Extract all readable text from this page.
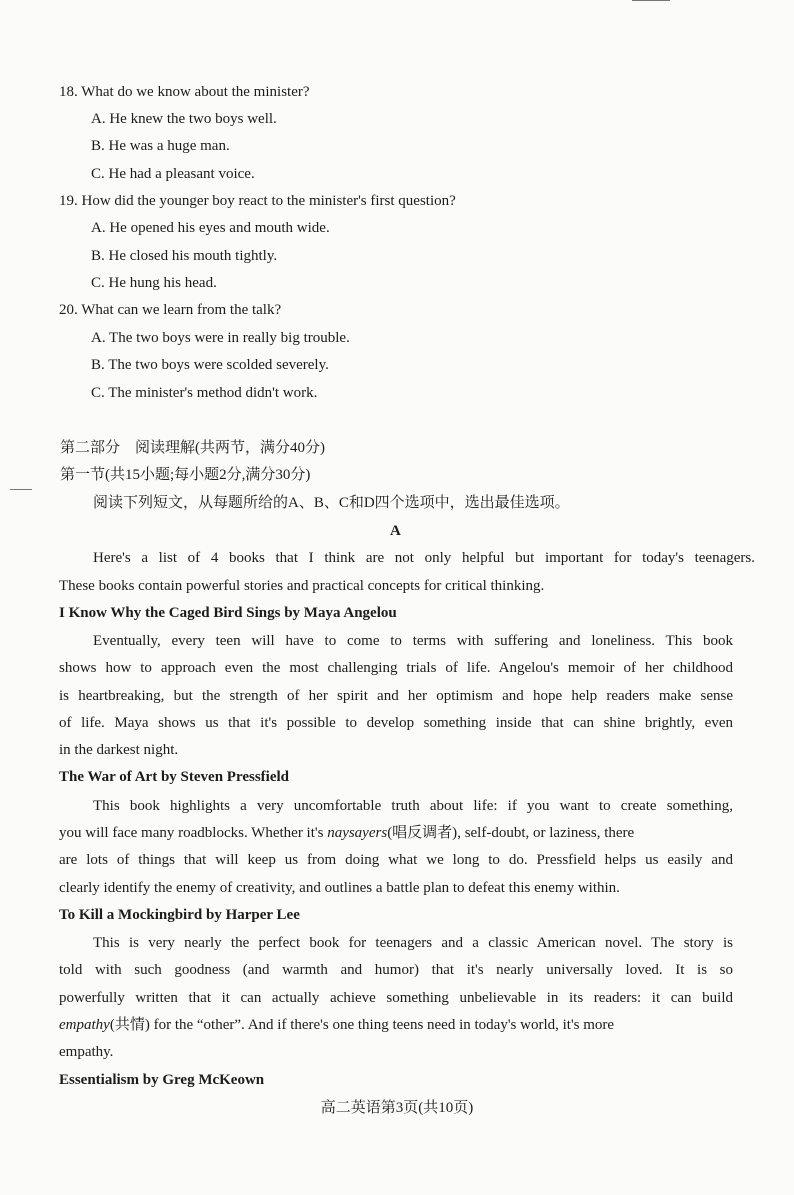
18. What do we know about the minister?
A. He knew the two boys well.
B. He was a huge man.
C. He had a pleasant voice.
19. How did the younger boy react to the minister's first question?
A. He opened his eyes and mouth wide.
B. He closed his mouth tightly.
C. He hung his head.
20. What can we learn from the talk?
A. The two boys were in really big trouble.
B. The two boys were scolded severely.
C. The minister's method didn't work.
第二部分　阅读理解(共两节，满分40分)
第一节(共15小题;每小题2分,满分30分)
阅读下列短文，从每题所给的A、B、C和D四个选项中，选出最佳选项。
A
Here's a list of 4 books that I think are not only helpful but important for today's teenagers.
These books contain powerful stories and practical concepts for critical thinking.
I Know Why the Caged Bird Sings by Maya Angelou
Eventually, every teen will have to come to terms with suffering and loneliness. This book
shows how to approach even the most challenging trials of life. Angelou's memoir of her childhood
is heartbreaking, but the strength of her spirit and her optimism and hope help readers make sense
of life. Maya shows us that it's possible to develop something inside that can shine brightly, even
in the darkest night.
The War of Art by Steven Pressfield
This book highlights a very uncomfortable truth about life: if you want to create something,
you will face many roadblocks. Whether it's naysayers(唱反调者), self-doubt, or laziness, there
are lots of things that will keep us from doing what we long to do. Pressfield helps us easily and
clearly identify the enemy of creativity, and outlines a battle plan to defeat this enemy within.
To Kill a Mockingbird by Harper Lee
This is very nearly the perfect book for teenagers and a classic American novel. The story is
told with such goodness (and warmth and humor) that it's nearly universally loved. It is so
powerfully written that it can actually achieve something unbelievable in its readers: it can build
empathy(共情) for the “other”. And if there's one thing teens need in today's world, it's more
empathy.
Essentialism by Greg McKeown
高二英语第3页(共10页)
